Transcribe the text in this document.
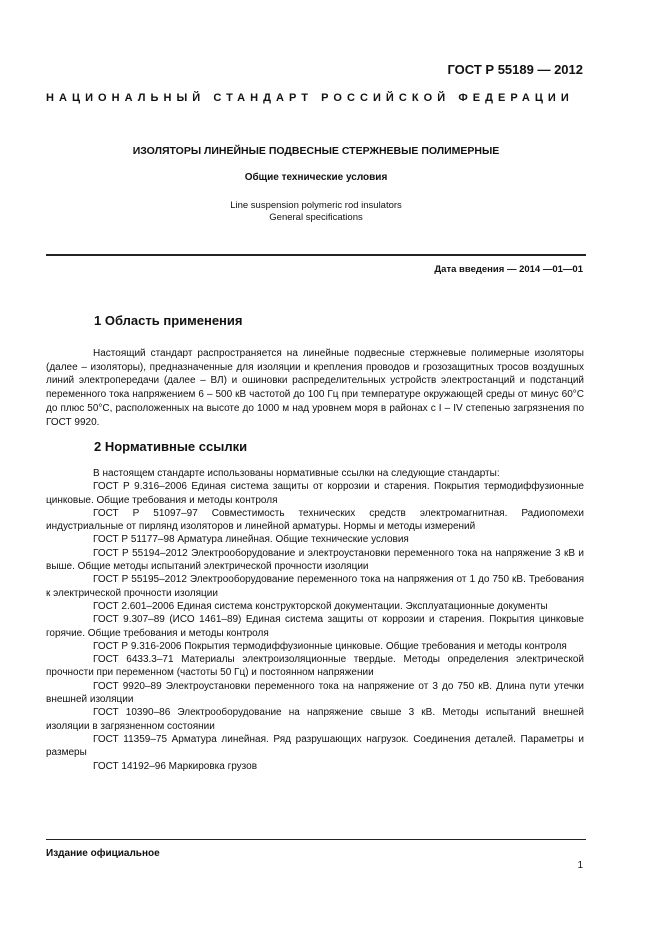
ГОСТ Р 55189 — 2012
НАЦИОНАЛЬНЫЙ СТАНДАРТ РОССИЙСКОЙ ФЕДЕРАЦИИ
ИЗОЛЯТОРЫ ЛИНЕЙНЫЕ ПОДВЕСНЫЕ СТЕРЖНЕВЫЕ ПОЛИМЕРНЫЕ
Общие технические условия
Line suspension polymeric rod insulators
General specifications
Дата введения — 2014 —01—01
1 Область применения
Настоящий стандарт распространяется на линейные подвесные стержневые полимерные изоляторы (далее – изоляторы), предназначенные для изоляции и крепления проводов и грозозащитных тросов воздушных линий электропередачи (далее – ВЛ) и ошиновки распределительных устройств электростанций и подстанций переменного тока напряжением 6 – 500 кВ частотой до 100 Гц при температуре окружающей среды от минус 60°С до плюс 50°С, расположенных на высоте до 1000 м над уровнем моря в районах с I – IV степенью загрязнения по ГОСТ 9920.
2 Нормативные ссылки

В настоящем стандарте использованы нормативные ссылки на следующие стандарты:

ГОСТ Р 9.316–2006 Единая система защиты от коррозии и старения. Покрытия термодиффузионные цинковые. Общие требования и методы контроля

ГОСТ Р 51097–97 Совместимость технических средств электромагнитная. Радиопомехи индустриальные от пирлянд изоляторов и линейной арматуры. Нормы и методы измерений

ГОСТ Р 51177–98 Арматура линейная. Общие технические условия

ГОСТ Р 55194–2012 Электрооборудование и электроустановки переменного тока на напряжение 3 кВ и выше. Общие методы испытаний электрической прочности изоляции

ГОСТ Р 55195–2012 Электрооборудование переменного тока на напряжения от 1 до 750 кВ. Требования к электрической прочности изоляции

ГОСТ 2.601–2006 Единая система конструкторской документации. Эксплуатационные документы

ГОСТ 9.307–89 (ИСО 1461–89) Единая система защиты от коррозии и старения. Покрытия цинковые горячие. Общие требования и методы контроля

ГОСТ Р 9.316-2006 Покрытия термодиффузионные цинковые. Общие требования и методы контроля

ГОСТ 6433.3–71 Материалы электроизоляционные твердые. Методы определения электрической прочности при переменном (частоты 50 Гц) и постоянном напряжении

ГОСТ 9920–89 Электроустановки переменного тока на напряжение от 3 до 750 кВ. Длина пути утечки внешней изоляции

ГОСТ 10390–86 Электрооборудование на напряжение свыше 3 кВ. Методы испытаний внешней изоляции в загрязненном состоянии

ГОСТ 11359–75 Арматура линейная. Ряд разрушающих нагрузок. Соединения деталей. Параметры и размеры

ГОСТ 14192–96 Маркировка грузов

Издание официальное
1
